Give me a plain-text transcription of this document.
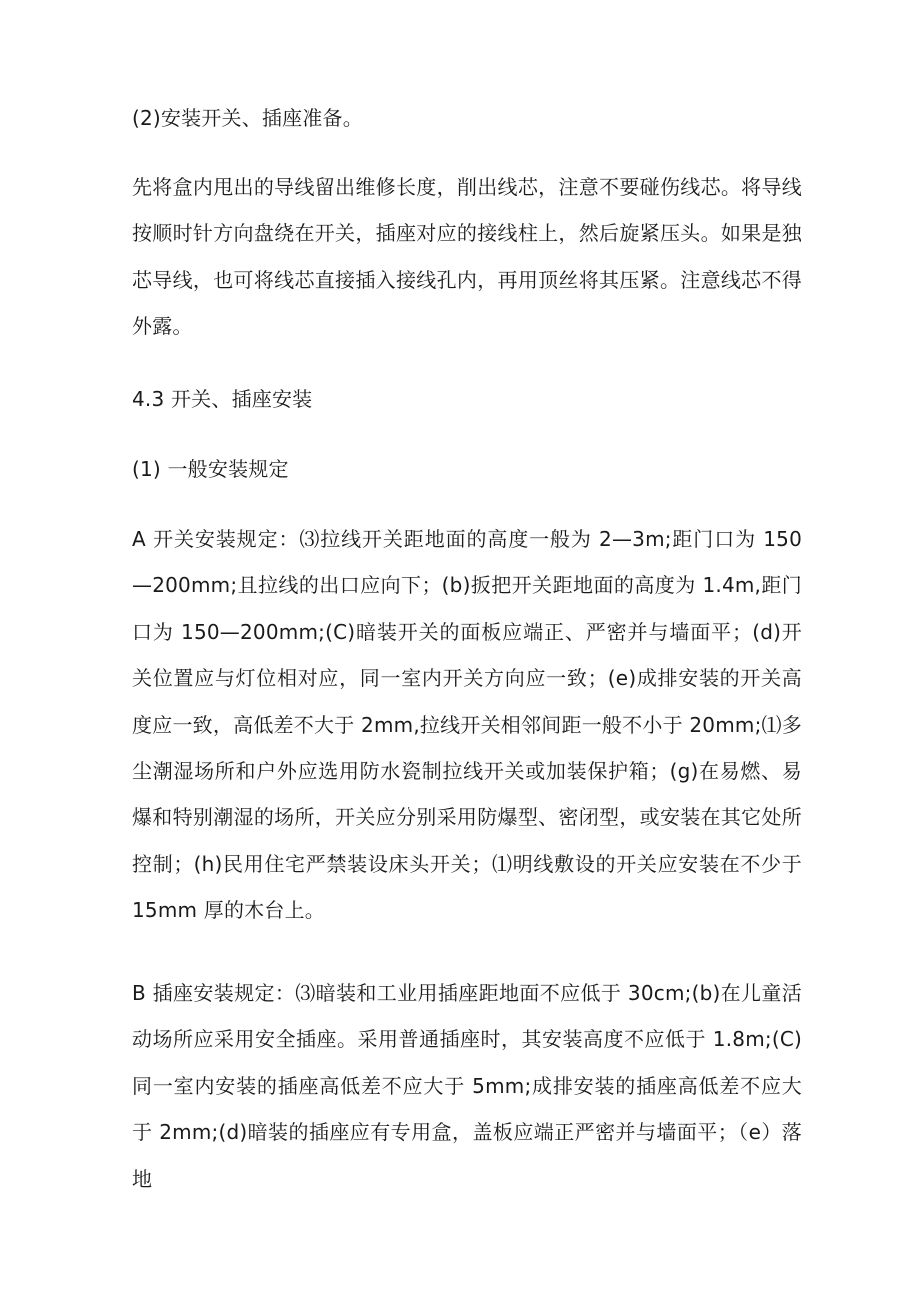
(2)安装开关、插座准备。

先将盒内甩出的导线留出维修长度，削出线芯，注意不要碰伤线芯。将导线按顺时针方向盘绕在开关，插座对应的接线柱上，然后旋紧压头。如果是独芯导线，也可将线芯直接插入接线孔内，再用顶丝将其压紧。注意线芯不得外露。

4.3 开关、插座安装

(1) 一般安装规定

A 开关安装规定：⑶拉线开关距地面的高度一般为 2—3m;距门口为 150—200mm;且拉线的出口应向下；(b)扳把开关距地面的高度为 1.4m,距门口为 150—200mm;(C)暗装开关的面板应端正、严密并与墙面平；(d)开关位置应与灯位相对应，同一室内开关方向应一致；(e)成排安装的开关高度应一致，高低差不大于 2mm,拉线开关相邻间距一般不小于 20mm;⑴多尘潮湿场所和户外应选用防水瓷制拉线开关或加装保护箱；(g)在易燃、易爆和特别潮湿的场所，开关应分别采用防爆型、密闭型，或安装在其它处所控制；(h)民用住宅严禁装设床头开关；⑴明线敷设的开关应安装在不少于 15mm 厚的木台上。

B 插座安装规定：⑶暗装和工业用插座距地面不应低于 30cm;(b)在儿童活动场所应采用安全插座。采用普通插座时，其安装高度不应低于 1.8m;(C)同一室内安装的插座高低差不应大于 5mm;成排安装的插座高低差不应大于 2mm;(d)暗装的插座应有专用盒，盖板应端正严密并与墙面平；（e）落地
